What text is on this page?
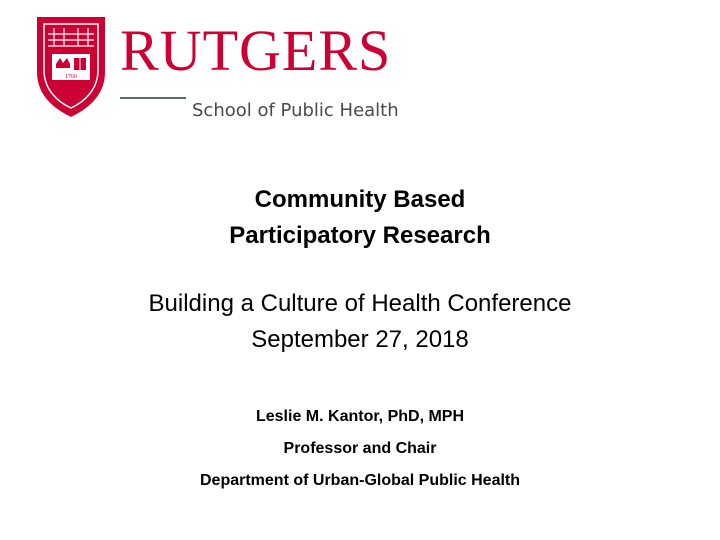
1766 RUTGERS
School of Public Health
Community Based
Participatory Research
Building a Culture of Health Conference
September 27, 2018
Leslie M. Kantor, PhD, MPH
Professor and Chair
Department of Urban-Global Public Health
